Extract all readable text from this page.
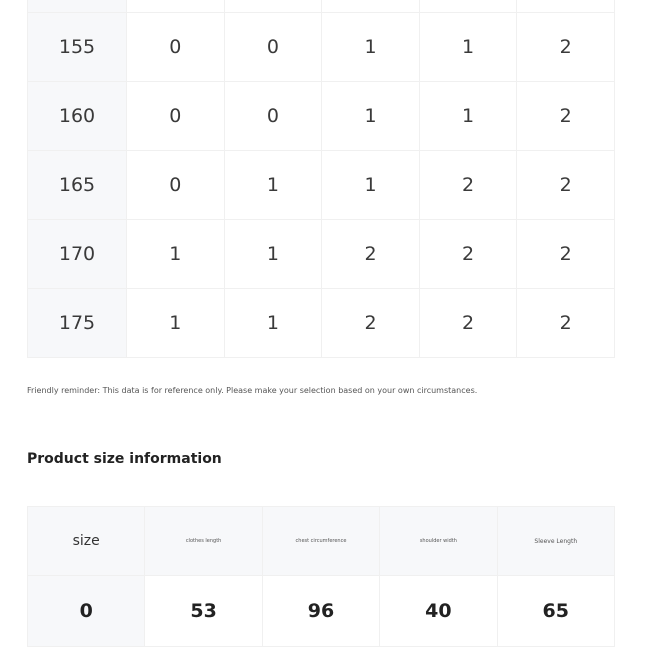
155	0	0	1	1	2
160	0	0	1	1	2
165	0	1	1	2	2
170	1	1	2	2	2
175	1	1	2	2	2

Friendly reminder: This data is for reference only. Please make your selection based on your own circumstances.

Product size information
size	clothes length	chest circumference	shoulder width	Sleeve Length
0	53	96	40	65
